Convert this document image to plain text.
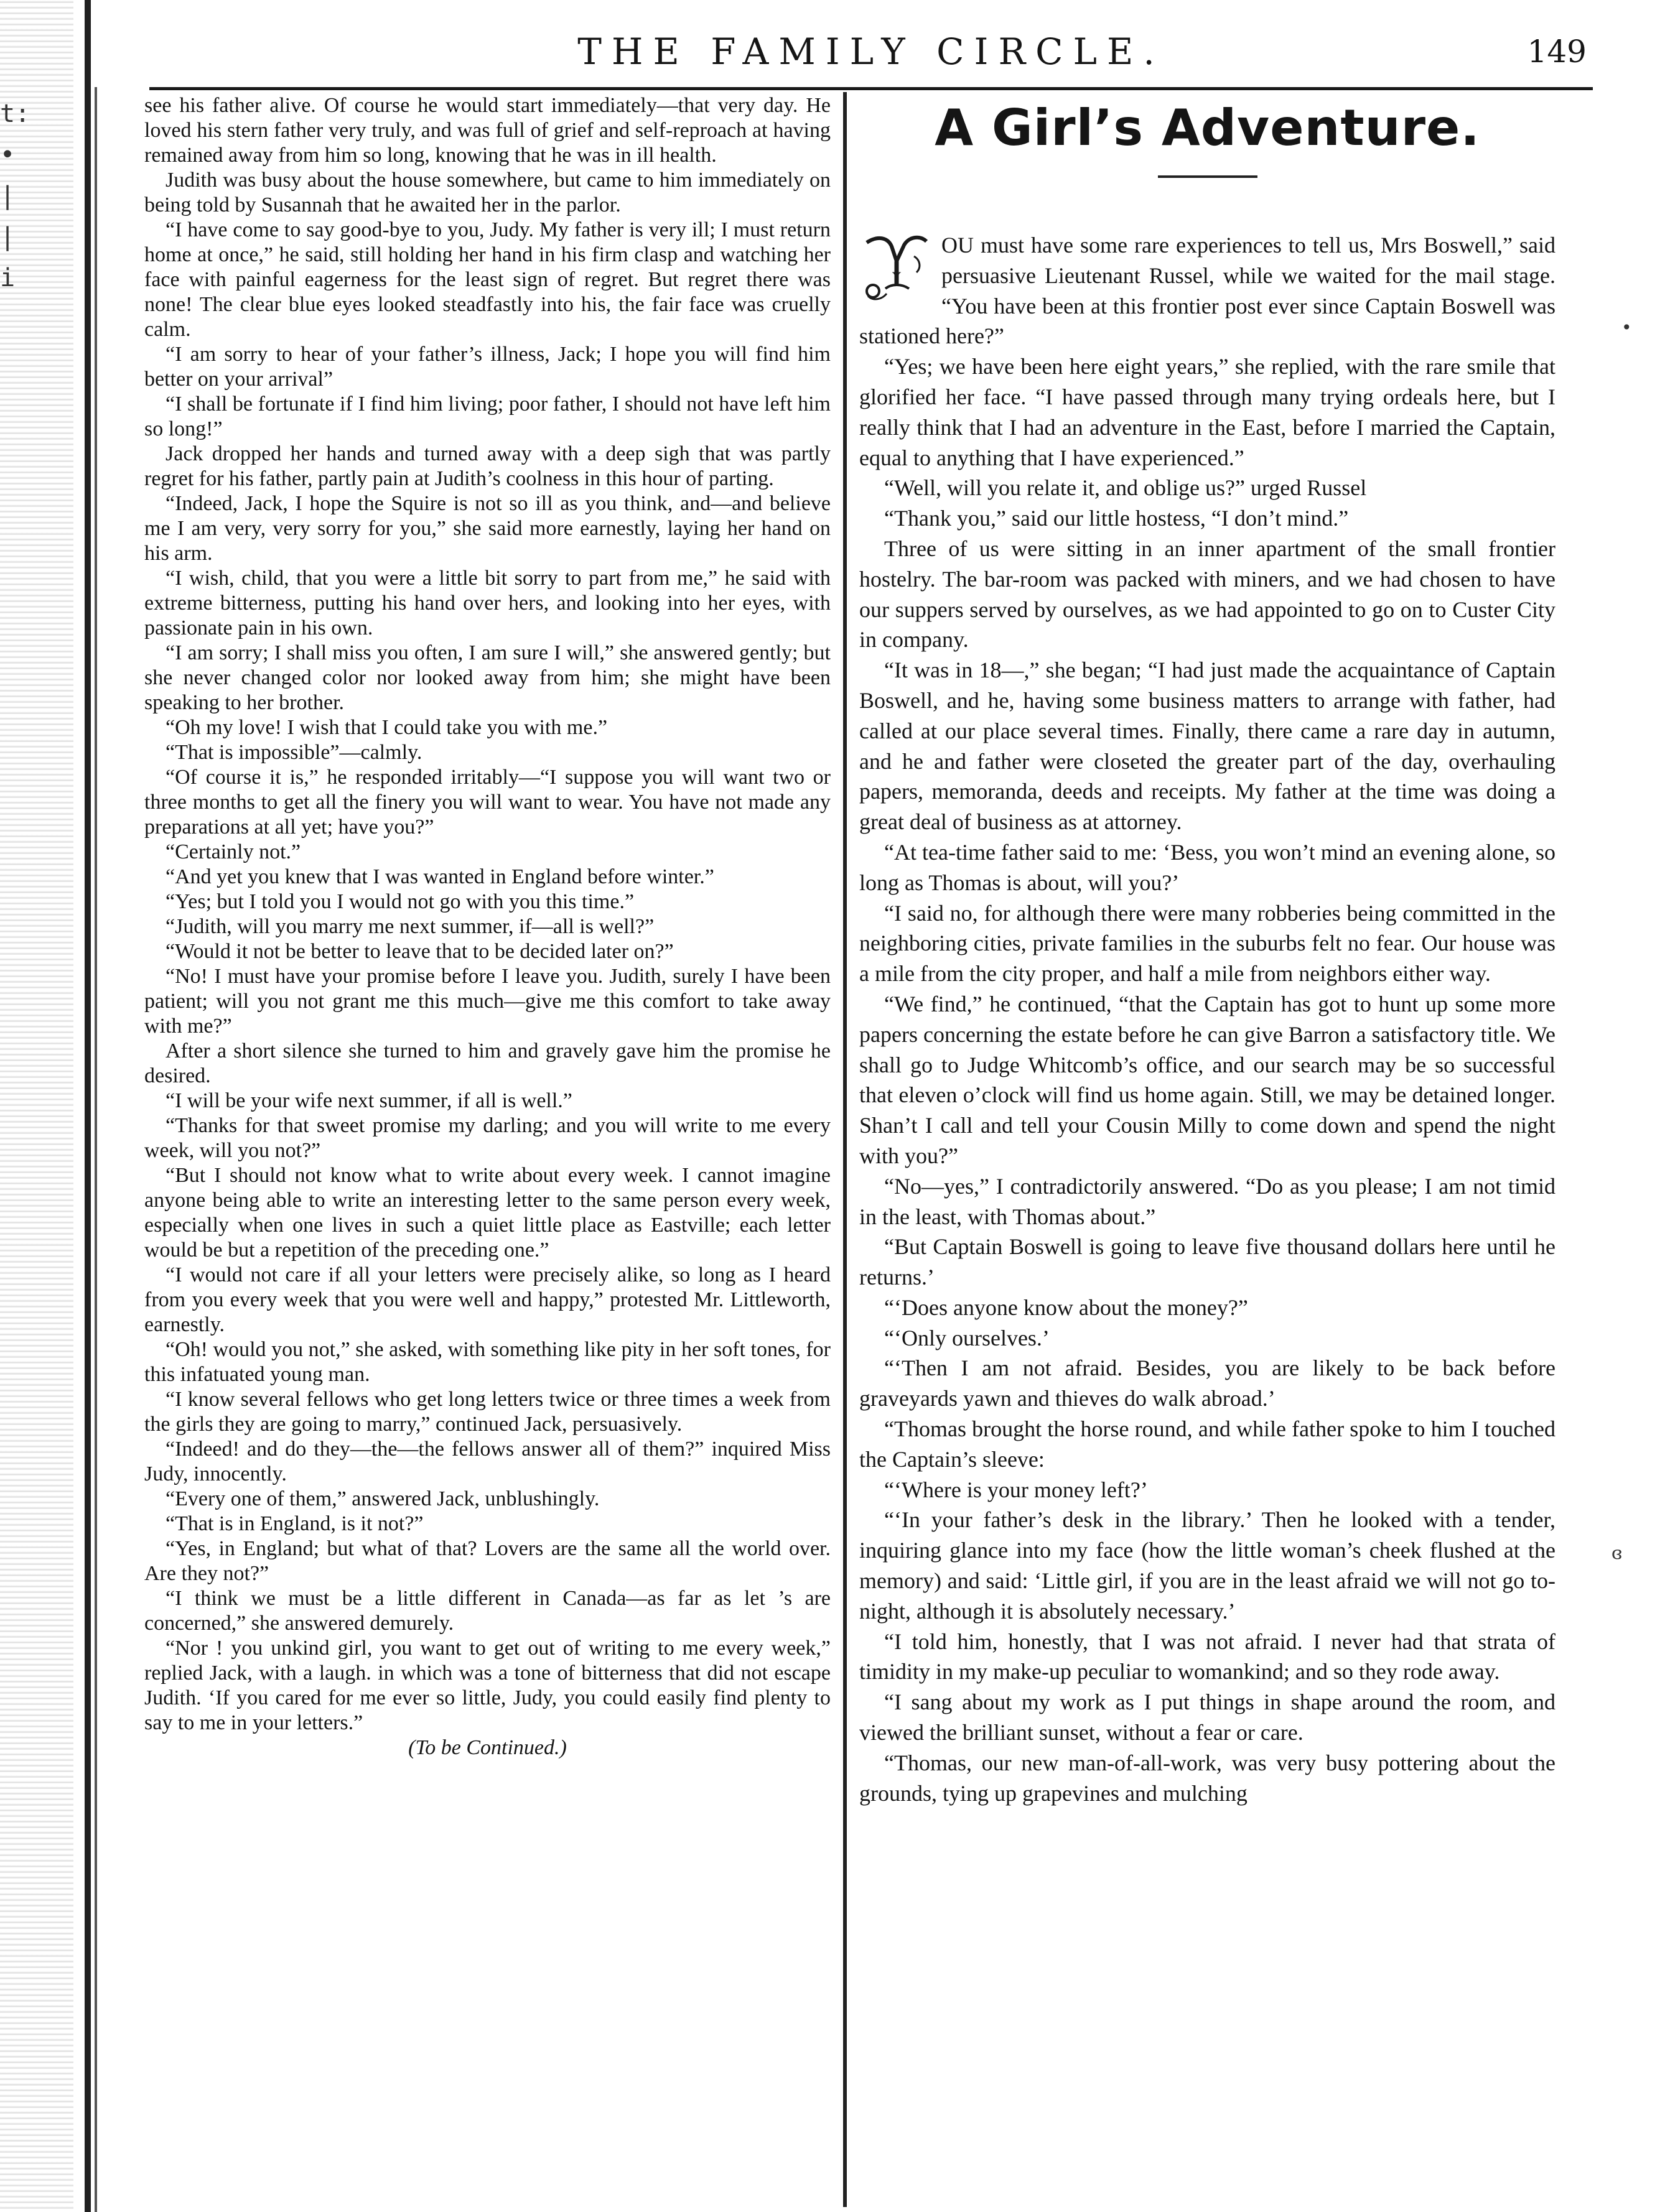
t:
•
|
|
i
THE FAMILY CIRCLE.	149

see his father alive. Of course he would start immediately—that very day. He loved his stern father very truly, and was full of grief and self-reproach at having remained away from him so long, knowing that he was in ill health.

Judith was busy about the house somewhere, but came to him immediately on being told by Susannah that he awaited her in the parlor.

“I have come to say good-bye to you, Judy. My father is very ill; I must return home at once,” he said, still holding her hand in his firm clasp and watching her face with painful eagerness for the least sign of regret. But regret there was none! The clear blue eyes looked steadfastly into his, the fair face was cruelly calm.

“I am sorry to hear of your father’s illness, Jack; I hope you will find him better on your arrival”

“I shall be fortunate if I find him living; poor father, I should not have left him so long!”

Jack dropped her hands and turned away with a deep sigh that was partly regret for his father, partly pain at Judith’s coolness in this hour of parting.

“Indeed, Jack, I hope the Squire is not so ill as you think, and—and believe me I am very, very sorry for you,” she said more earnestly, laying her hand on his arm.

“I wish, child, that you were a little bit sorry to part from me,” he said with extreme bitterness, putting his hand over hers, and looking into her eyes, with passionate pain in his own.

“I am sorry; I shall miss you often, I am sure I will,” she answered gently; but she never changed color nor looked away from him; she might have been speaking to her brother.

“Oh my love! I wish that I could take you with me.”

“That is impossible”—calmly.

“Of course it is,” he responded irritably—“I suppose you will want two or three months to get all the finery you will want to wear. You have not made any preparations at all yet; have you?”

“Certainly not.”

“And yet you knew that I was wanted in England before winter.”

“Yes; but I told you I would not go with you this time.”

“Judith, will you marry me next summer, if—all is well?”

“Would it not be better to leave that to be decided later on?”

“No! I must have your promise before I leave you. Judith, surely I have been patient; will you not grant me this much—give me this comfort to take away with me?”

After a short silence she turned to him and gravely gave him the promise he desired.

“I will be your wife next summer, if all is well.”

“Thanks for that sweet promise my darling; and you will write to me every week, will you not?”

“But I should not know what to write about every week. I cannot imagine anyone being able to write an interesting letter to the same person every week, especially when one lives in such a quiet little place as Eastville; each letter would be but a repetition of the preceding one.”

“I would not care if all your letters were precisely alike, so long as I heard from you every week that you were well and happy,” protested Mr. Littleworth, earnestly.

“Oh! would you not,” she asked, with something like pity in her soft tones, for this infatuated young man.

“I know several fellows who get long letters twice or three times a week from the girls they are going to marry,” continued Jack, persuasively.

“Indeed! and do they—the—the fellows answer all of them?” inquired Miss Judy, innocently.

“Every one of them,” answered Jack, unblushingly.

“That is in England, is it not?”

“Yes, in England; but what of that? Lovers are the same all the world over. Are they not?”

“I think we must be a little different in Canada—as far as let ’s are concerned,” she answered demurely.

“Nor ! you unkind girl, you want to get out of writing to me every week,” replied Jack, with a laugh. in which was a tone of bitterness that did not escape Judith. ‘If you cared for me ever so little, Judy, you could easily find plenty to say to me in your letters.”

(To be Continued.)

A Girl’s Adventure.

Y
OU must have some rare experiences to tell us, Mrs Boswell,” said persuasive Lieutenant Russel, while we waited for the mail stage. “You have been at this frontier post ever since Captain Boswell was stationed here?”

“Yes; we have been here eight years,” she replied, with the rare smile that glorified her face. “I have passed through many trying ordeals here, but I really think that I had an adventure in the East, before I married the Captain, equal to anything that I have experienced.”

“Well, will you relate it, and oblige us?” urged Russel

“Thank you,” said our little hostess, “I don’t mind.”

Three of us were sitting in an inner apartment of the small frontier hostelry. The bar-room was packed with miners, and we had chosen to have our suppers served by ourselves, as we had appointed to go on to Custer City in company.

“It was in 18—,” she began; “I had just made the acquaintance of Captain Boswell, and he, having some business matters to arrange with father, had called at our place several times. Finally, there came a rare day in autumn, and he and father were closeted the greater part of the day, overhauling papers, memoranda, deeds and receipts. My father at the time was doing a great deal of business as at attorney.

“At tea-time father said to me: ‘Bess, you won’t mind an evening alone, so long as Thomas is about, will you?’

“I said no, for although there were many robberies being committed in the neighboring cities, private families in the suburbs felt no fear. Our house was a mile from the city proper, and half a mile from neighbors either way.

“We find,” he continued, “that the Captain has got to hunt up some more papers concerning the estate before he can give Barron a satisfactory title. We shall go to Judge Whitcomb’s office, and our search may be so successful that eleven o’clock will find us home again. Still, we may be detained longer. Shan’t I call and tell your Cousin Milly to come down and spend the night with you?”

“No—yes,” I contradictorily answered. “Do as you please; I am not timid in the least, with Thomas about.”

“But Captain Boswell is going to leave five thousand dollars here until he returns.’

“‘Does anyone know about the money?”

“‘Only ourselves.’

“‘Then I am not afraid. Besides, you are likely to be back before graveyards yawn and thieves do walk abroad.’

“Thomas brought the horse round, and while father spoke to him I touched the Captain’s sleeve:

“‘Where is your money left?’

“‘In your father’s desk in the library.’ Then he looked with a tender, inquiring glance into my face (how the little woman’s cheek flushed at the memory) and said: ‘Little girl, if you are in the least afraid we will not go to-night, although it is absolutely necessary.’

“I told him, honestly, that I was not afraid. I never had that strata of timidity in my make-up peculiar to womankind; and so they rode away.

“I sang about my work as I put things in shape around the room, and viewed the brilliant sunset, without a fear or care.

“Thomas, our new man-of-all-work, was very busy pottering about the grounds, tying up grapevines and mulching

•
ɞ
